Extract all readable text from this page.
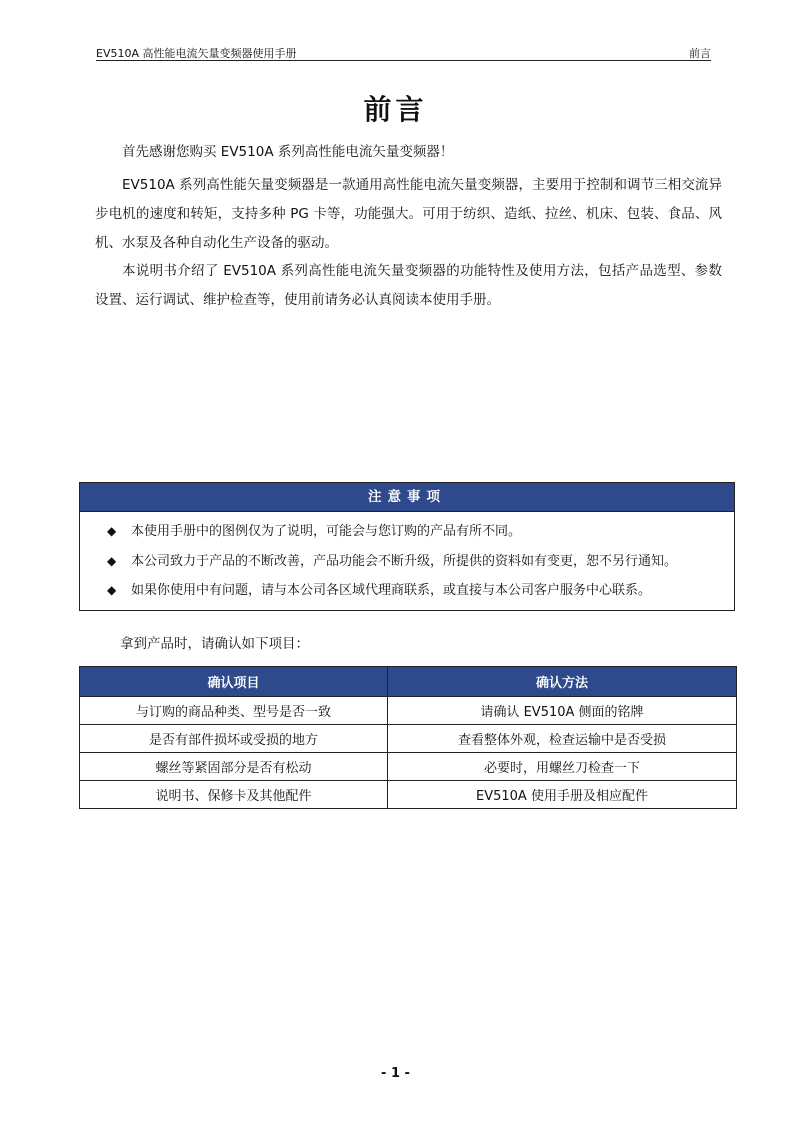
EV510A 高性能电流矢量变频器使用手册	前言
前言

首先感谢您购买 EV510A 系列高性能电流矢量变频器！

EV510A 系列高性能矢量变频器是一款通用高性能电流矢量变频器，主要用于控制和调节三相交流异步电机的速度和转矩，支持多种 PG 卡等，功能强大。可用于纺织、造纸、拉丝、机床、包装、食品、风机、水泵及各种自动化生产设备的驱动。

本说明书介绍了 EV510A 系列高性能电流矢量变频器的功能特性及使用方法，包括产品选型、参数设置、运行调试、维护检查等，使用前请务必认真阅读本使用手册。

注意事项
◆ 本使用手册中的图例仅为了说明，可能会与您订购的产品有所不同。
◆ 本公司致力于产品的不断改善，产品功能会不断升级，所提供的资料如有变更，恕不另行通知。
◆ 如果你使用中有问题，请与本公司各区域代理商联系，或直接与本公司客户服务中心联系。
拿到产品时，请确认如下项目：
确认项目	确认方法
与订购的商品种类、型号是否一致	请确认 EV510A 侧面的铭牌
是否有部件损坏或受损的地方	查看整体外观，检查运输中是否受损
螺丝等紧固部分是否有松动	必要时，用螺丝刀检查一下
说明书、保修卡及其他配件	EV510A 使用手册及相应配件
- 1 -
